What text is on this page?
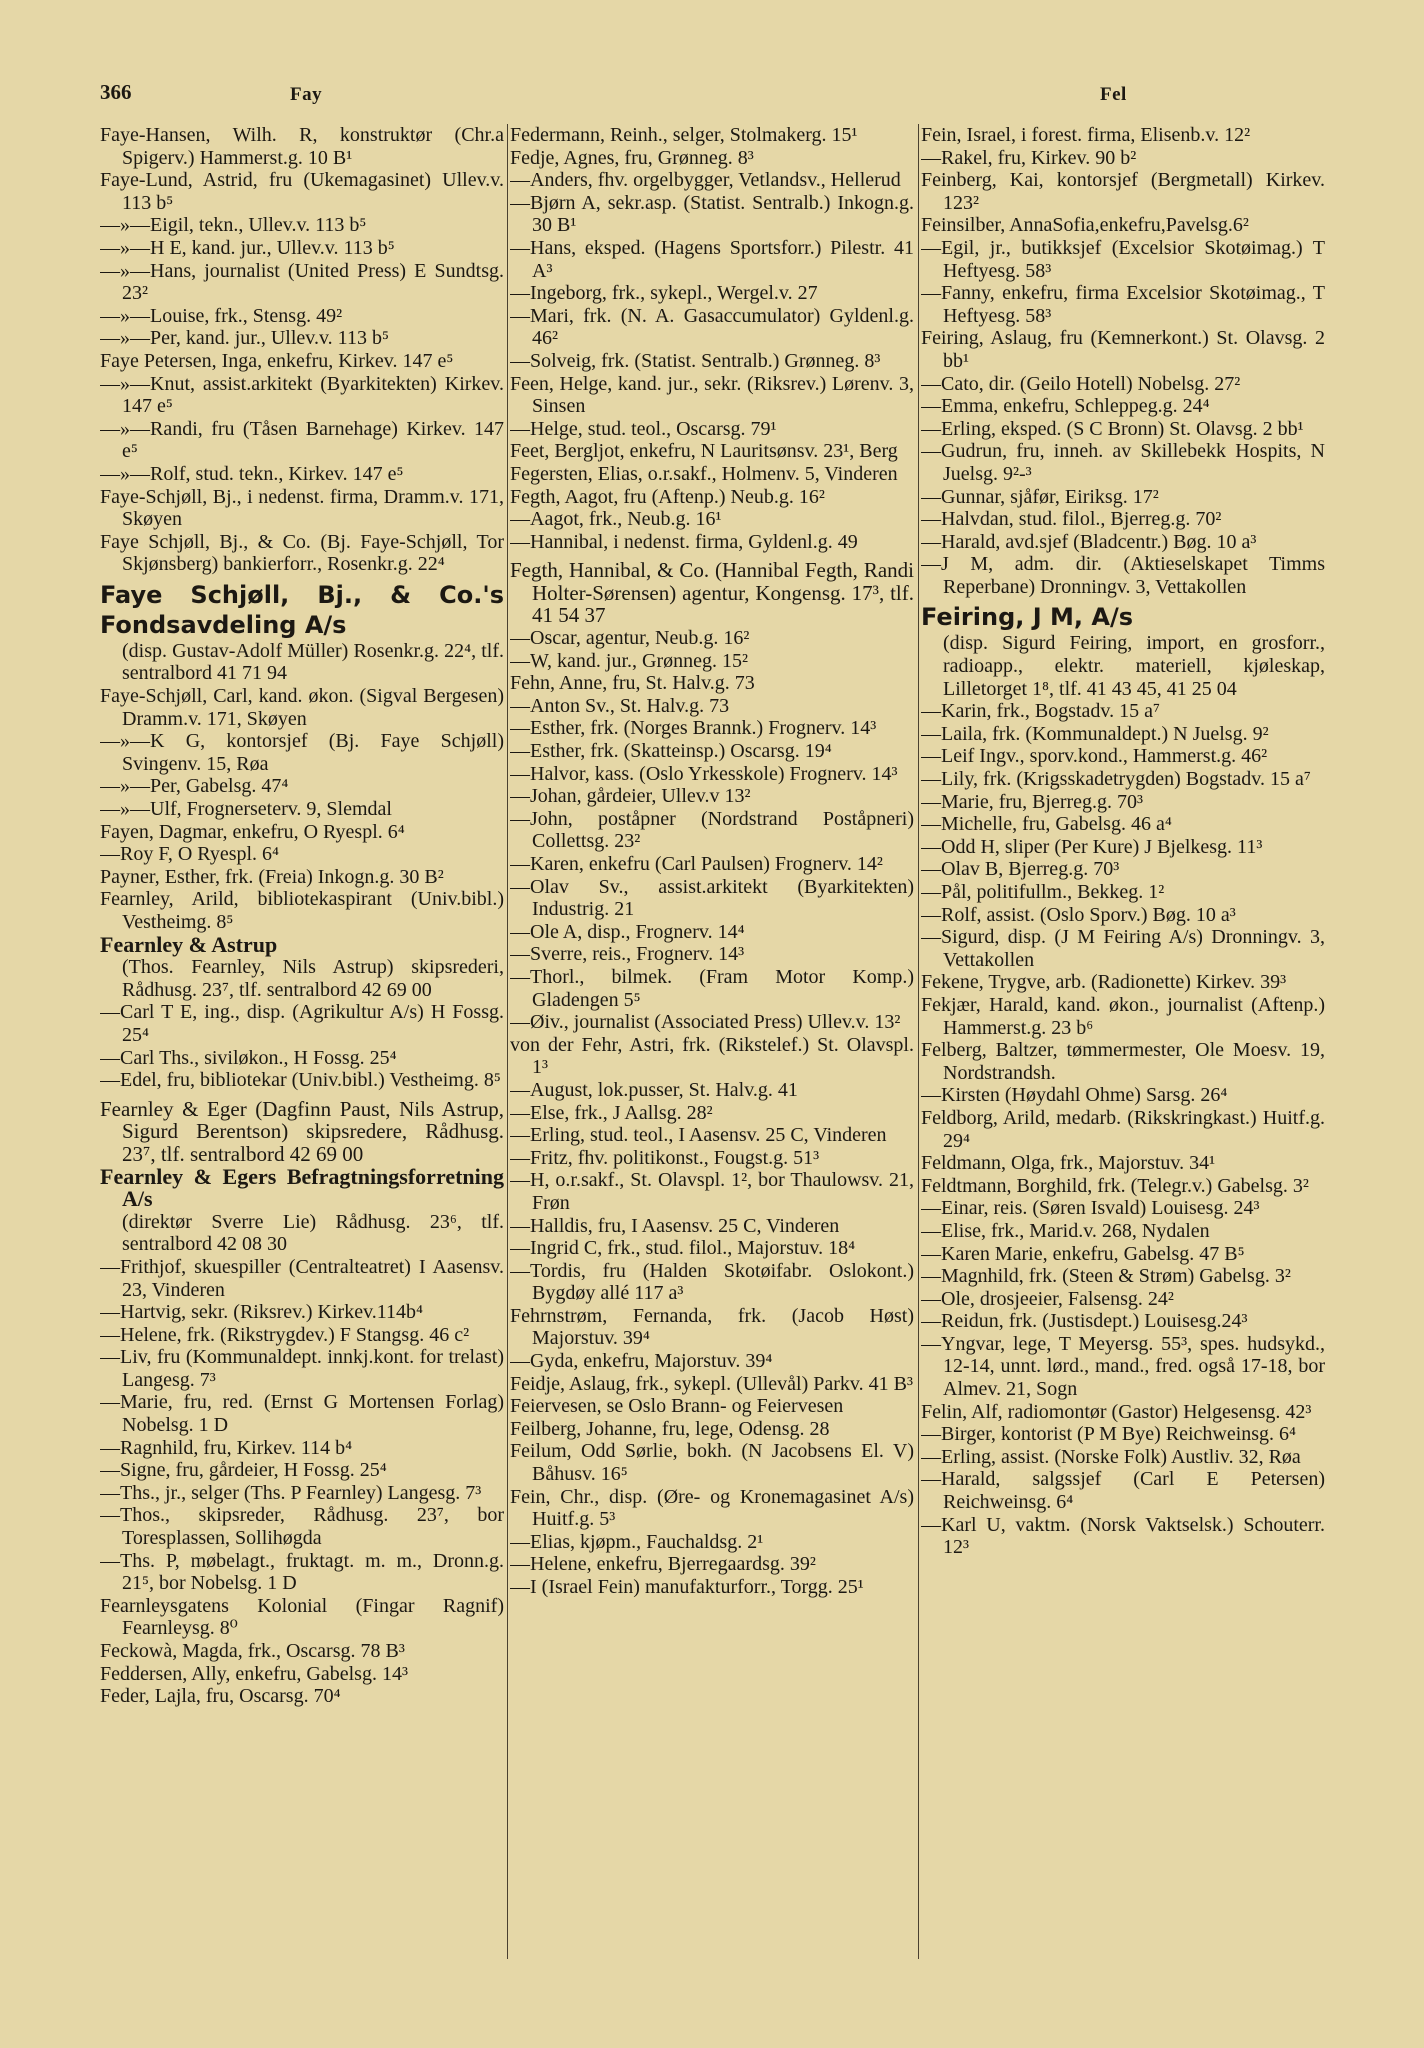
366	Fay	Fel

Faye-Hansen, Wilh. R, konstruktør (Chr.a Spigerv.) Hammerst.g. 10 B¹

Faye-Lund, Astrid, fru (Ukemagasinet) Ullev.v. 113 b⁵

—»—Eigil, tekn., Ullev.v. 113 b⁵

—»—H E, kand. jur., Ullev.v. 113 b⁵

—»—Hans, journalist (United Press) E Sundtsg. 23²

—»—Louise, frk., Stensg. 49²

—»—Per, kand. jur., Ullev.v. 113 b⁵

Faye Petersen, Inga, enkefru, Kirkev. 147 e⁵

—»—Knut, assist.arkitekt (Byarkitekten) Kirkev. 147 e⁵

—»—Randi, fru (Tåsen Barnehage) Kirkev. 147 e⁵

—»—Rolf, stud. tekn., Kirkev. 147 e⁵

Faye-Schjøll, Bj., i nedenst. firma, Dramm.v. 171, Skøyen

Faye Schjøll, Bj., & Co. (Bj. Faye-Schjøll, Tor Skjønsberg) bankierforr., Rosenkr.g. 22⁴

Faye Schjøll, Bj., & Co.'s Fondsavdeling A/s

(disp. Gustav-Adolf Müller) Rosenkr.g. 22⁴, tlf. sentralbord 41 71 94

Faye-Schjøll, Carl, kand. økon. (Sigval Bergesen) Dramm.v. 171, Skøyen

—»—K G, kontorsjef (Bj. Faye Schjøll) Svingenv. 15, Røa

—»—Per, Gabelsg. 47⁴

—»—Ulf, Frognerseterv. 9, Slemdal

Fayen, Dagmar, enkefru, O Ryespl. 6⁴

—Roy F, O Ryespl. 6⁴

Payner, Esther, frk. (Freia) Inkogn.g. 30 B²

Fearnley, Arild, bibliotekaspirant (Univ.bibl.) Vestheimg. 8⁵

Fearnley & Astrup

(Thos. Fearnley, Nils Astrup) skipsrederi, Rådhusg. 23⁷, tlf. sentralbord 42 69 00

—Carl T E, ing., disp. (Agrikultur A/s) H Fossg. 25⁴

—Carl Ths., siviløkon., H Fossg. 25⁴

—Edel, fru, bibliotekar (Univ.bibl.) Vestheimg. 8⁵

Fearnley & Eger (Dagfinn Paust, Nils Astrup, Sigurd Berentson) skipsredere, Rådhusg. 23⁷, tlf. sentralbord 42 69 00

Fearnley & Egers Befragtningsforretning A/s

(direktør Sverre Lie) Rådhusg. 23⁶, tlf. sentralbord 42 08 30

—Frithjof, skuespiller (Centralteatret) I Aasensv. 23, Vinderen

—Hartvig, sekr. (Riksrev.) Kirkev.114b⁴

—Helene, frk. (Rikstrygdev.) F Stangsg. 46 c²

—Liv, fru (Kommunaldept. innkj.kont. for trelast) Langesg. 7³

—Marie, fru, red. (Ernst G Mortensen Forlag) Nobelsg. 1 D

—Ragnhild, fru, Kirkev. 114 b⁴

—Signe, fru, gårdeier, H Fossg. 25⁴

—Ths., jr., selger (Ths. P Fearnley) Langesg. 7³

—Thos., skipsreder, Rådhusg. 23⁷, bor Toresplassen, Sollihøgda

—Ths. P, møbelagt., fruktagt. m. m., Dronn.g. 21⁵, bor Nobelsg. 1 D

Fearnleysgatens Kolonial (Fingar Ragnif) Fearnleysg. 8⁰

Feckowà, Magda, frk., Oscarsg. 78 B³

Feddersen, Ally, enkefru, Gabelsg. 14³

Feder, Lajla, fru, Oscarsg. 70⁴

Federmann, Reinh., selger, Stolmakerg. 15¹

Fedje, Agnes, fru, Grønneg. 8³

—Anders, fhv. orgelbygger, Vetlandsv., Hellerud

—Bjørn A, sekr.asp. (Statist. Sentralb.) Inkogn.g. 30 B¹

—Hans, eksped. (Hagens Sportsforr.) Pilestr. 41 A³

—Ingeborg, frk., sykepl., Wergel.v. 27

—Mari, frk. (N. A. Gasaccumulator) Gyldenl.g. 46²

—Solveig, frk. (Statist. Sentralb.) Grønneg. 8³

Feen, Helge, kand. jur., sekr. (Riksrev.) Lørenv. 3, Sinsen

—Helge, stud. teol., Oscarsg. 79¹

Feet, Bergljot, enkefru, N Lauritsønsv. 23¹, Berg

Fegersten, Elias, o.r.sakf., Holmenv. 5, Vinderen

Fegth, Aagot, fru (Aftenp.) Neub.g. 16²

—Aagot, frk., Neub.g. 16¹

—Hannibal, i nedenst. firma, Gyldenl.g. 49

Fegth, Hannibal, & Co. (Hannibal Fegth, Randi Holter-Sørensen) agentur, Kongensg. 17³, tlf. 41 54 37

—Oscar, agentur, Neub.g. 16²

—W, kand. jur., Grønneg. 15²

Fehn, Anne, fru, St. Halv.g. 73

—Anton Sv., St. Halv.g. 73

—Esther, frk. (Norges Brannk.) Frognerv. 14³

—Esther, frk. (Skatteinsp.) Oscarsg. 19⁴

—Halvor, kass. (Oslo Yrkesskole) Frognerv. 14³

—Johan, gårdeier, Ullev.v 13²

—John, poståpner (Nordstrand Poståpneri) Collettsg. 23²

—Karen, enkefru (Carl Paulsen) Frognerv. 14²

—Olav Sv., assist.arkitekt (Byarkitekten) Industrig. 21

—Ole A, disp., Frognerv. 14⁴

—Sverre, reis., Frognerv. 14³

—Thorl., bilmek. (Fram Motor Komp.) Gladengen 5⁵

—Øiv., journalist (Associated Press) Ullev.v. 13²

von der Fehr, Astri, frk. (Rikstelef.) St. Olavspl. 1³

—August, lok.pusser, St. Halv.g. 41

—Else, frk., J Aallsg. 28²

—Erling, stud. teol., I Aasensv. 25 C, Vinderen

—Fritz, fhv. politikonst., Fougst.g. 51³

—H, o.r.sakf., St. Olavspl. 1², bor Thaulowsv. 21, Frøn

—Halldis, fru, I Aasensv. 25 C, Vinderen

—Ingrid C, frk., stud. filol., Majorstuv. 18⁴

—Tordis, fru (Halden Skotøifabr. Oslokont.) Bygdøy allé 117 a³

Fehrnstrøm, Fernanda, frk. (Jacob Høst) Majorstuv. 39⁴

—Gyda, enkefru, Majorstuv. 39⁴

Feidje, Aslaug, frk., sykepl. (Ullevål) Parkv. 41 B³

Feiervesen, se Oslo Brann- og Feiervesen

Feilberg, Johanne, fru, lege, Odensg. 28

Feilum, Odd Sørlie, bokh. (N Jacobsens El. V) Båhusv. 16⁵

Fein, Chr., disp. (Øre- og Kronemagasinet A/s) Huitf.g. 5³

—Elias, kjøpm., Fauchaldsg. 2¹

—Helene, enkefru, Bjerregaardsg. 39²

—I (Israel Fein) manufakturforr., Torgg. 25¹

Fein, Israel, i forest. firma, Elisenb.v. 12²

—Rakel, fru, Kirkev. 90 b²

Feinberg, Kai, kontorsjef (Bergmetall) Kirkev. 123²

Feinsilber, AnnaSofia,enkefru,Pavelsg.6²

—Egil, jr., butikksjef (Excelsior Skotøimag.) T Heftyesg. 58³

—Fanny, enkefru, firma Excelsior Skotøimag., T Heftyesg. 58³

Feiring, Aslaug, fru (Kemnerkont.) St. Olavsg. 2 bb¹

—Cato, dir. (Geilo Hotell) Nobelsg. 27²

—Emma, enkefru, Schleppeg.g. 24⁴

—Erling, eksped. (S C Bronn) St. Olavsg. 2 bb¹

—Gudrun, fru, inneh. av Skillebekk Hospits, N Juelsg. 9²-³

—Gunnar, sjåfør, Eiriksg. 17²

—Halvdan, stud. filol., Bjerreg.g. 70²

—Harald, avd.sjef (Bladcentr.) Bøg. 10 a³

—J M, adm. dir. (Aktieselskapet Timms Reperbane) Dronningv. 3, Vettakollen

Feiring, J M, A/s

(disp. Sigurd Feiring, import, en grosforr., radioapp., elektr. materiell, kjøleskap, Lilletorget 1⁸, tlf. 41 43 45, 41 25 04

—Karin, frk., Bogstadv. 15 a⁷

—Laila, frk. (Kommunaldept.) N Juelsg. 9²

—Leif Ingv., sporv.kond., Hammerst.g. 46²

—Lily, frk. (Krigsskadetrygden) Bogstadv. 15 a⁷

—Marie, fru, Bjerreg.g. 70³

—Michelle, fru, Gabelsg. 46 a⁴

—Odd H, sliper (Per Kure) J Bjelkesg. 11³

—Olav B, Bjerreg.g. 70³

—Pål, politifullm., Bekkeg. 1²

—Rolf, assist. (Oslo Sporv.) Bøg. 10 a³

—Sigurd, disp. (J M Feiring A/s) Dronningv. 3, Vettakollen

Fekene, Trygve, arb. (Radionette) Kirkev. 39³

Fekjær, Harald, kand. økon., journalist (Aftenp.) Hammerst.g. 23 b⁶

Felberg, Baltzer, tømmermester, Ole Moesv. 19, Nordstrandsh.

—Kirsten (Høydahl Ohme) Sarsg. 26⁴

Feldborg, Arild, medarb. (Rikskringkast.) Huitf.g. 29⁴

Feldmann, Olga, frk., Majorstuv. 34¹

Feldtmann, Borghild, frk. (Telegr.v.) Gabelsg. 3²

—Einar, reis. (Søren Isvald) Louisesg. 24³

—Elise, frk., Marid.v. 268, Nydalen

—Karen Marie, enkefru, Gabelsg. 47 B⁵

—Magnhild, frk. (Steen & Strøm) Gabelsg. 3²

—Ole, drosjeeier, Falsensg. 24²

—Reidun, frk. (Justisdept.) Louisesg.24³

—Yngvar, lege, T Meyersg. 55³, spes. hudsykd., 12-14, unnt. lørd., mand., fred. også 17-18, bor Almev. 21, Sogn

Felin, Alf, radiomontør (Gastor) Helgesensg. 42³

—Birger, kontorist (P M Bye) Reichweinsg. 6⁴

—Erling, assist. (Norske Folk) Austliv. 32, Røa

—Harald, salgssjef (Carl E Petersen) Reichweinsg. 6⁴

—Karl U, vaktm. (Norsk Vaktselsk.) Schouterr. 12³
